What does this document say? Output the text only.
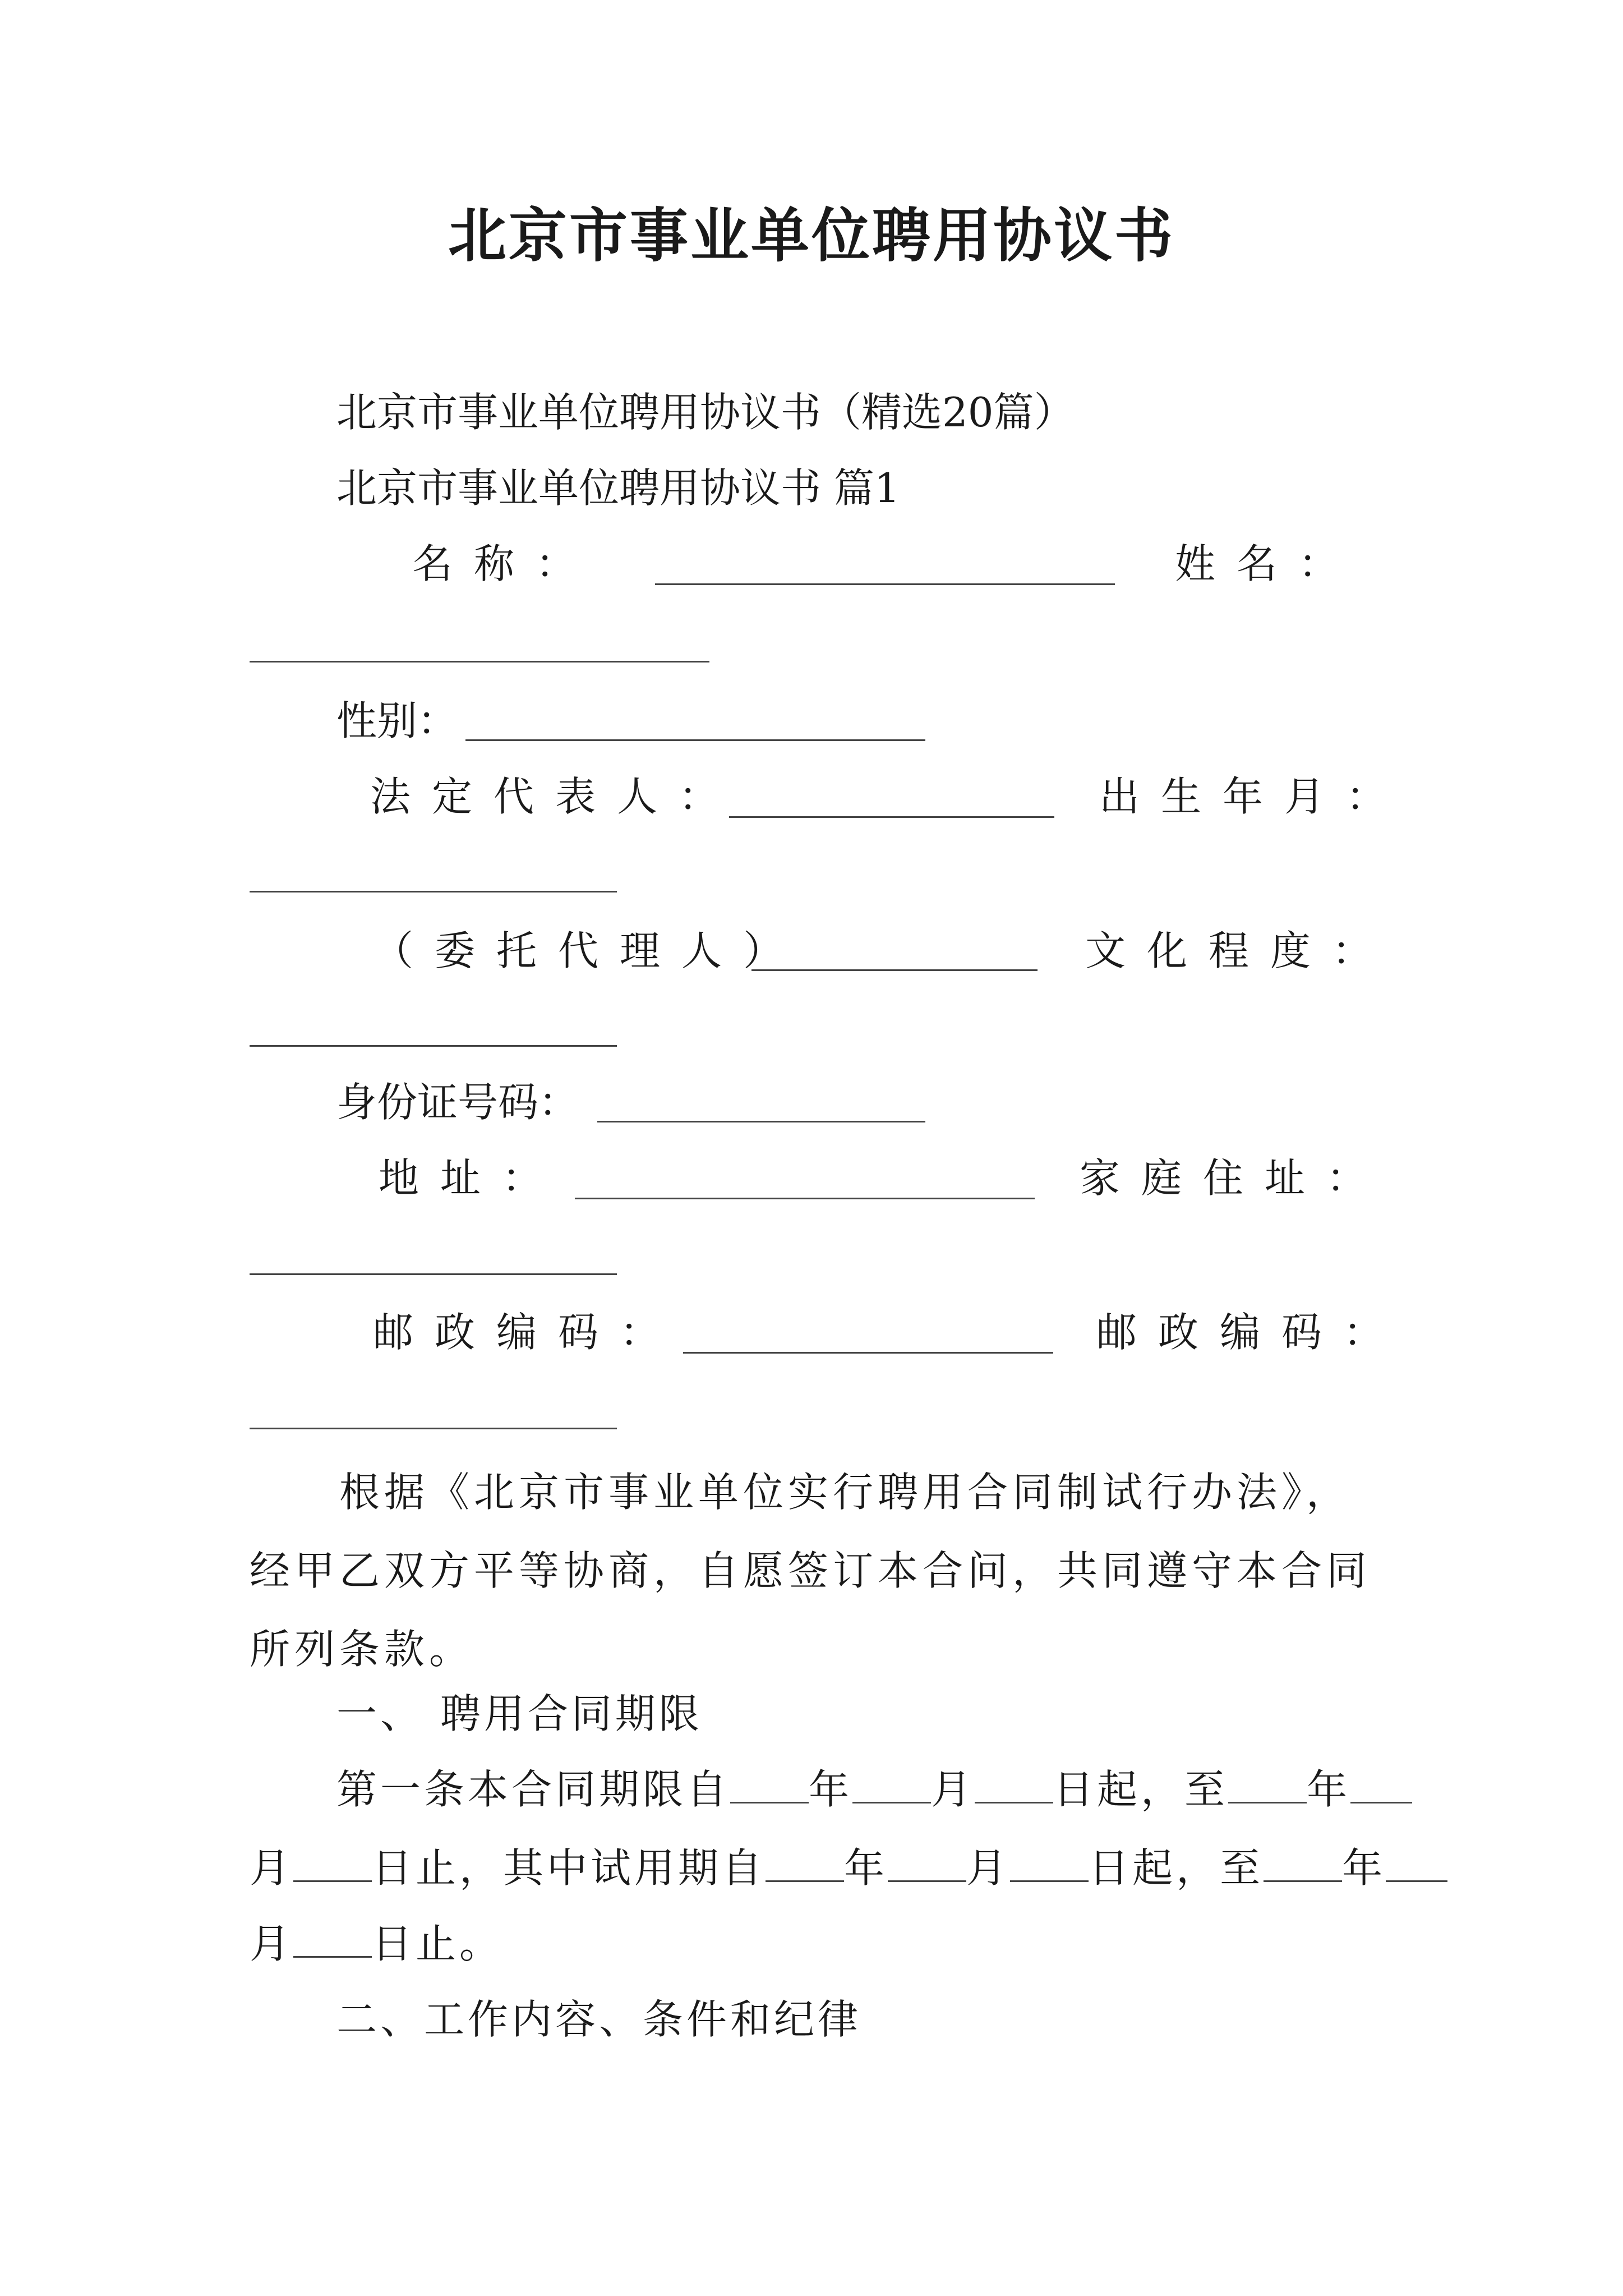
北京市事业单位聘用协议书
北京市事业单位聘用协议书（精选20篇）
北京市事业单位聘用协议书 篇1
名称：	姓名：
性别：
法定代表人：	出生年月：
（委托代理人）	文化程度：
身份证号码：
地址：	家庭住址：
邮政编码：	邮政编码：
根据《北京市事业单位实行聘用合同制试行办法》，经甲乙双方平等协商，自愿签订本合问，共同遵守本合同所列条款。
一、 聘用合同期限
第一条本合同期限自 年 月 日起，至 年
月 日止，其中试用期自 年 月 日起，至 年
月 日止。
二、工作内容、条件和纪律
